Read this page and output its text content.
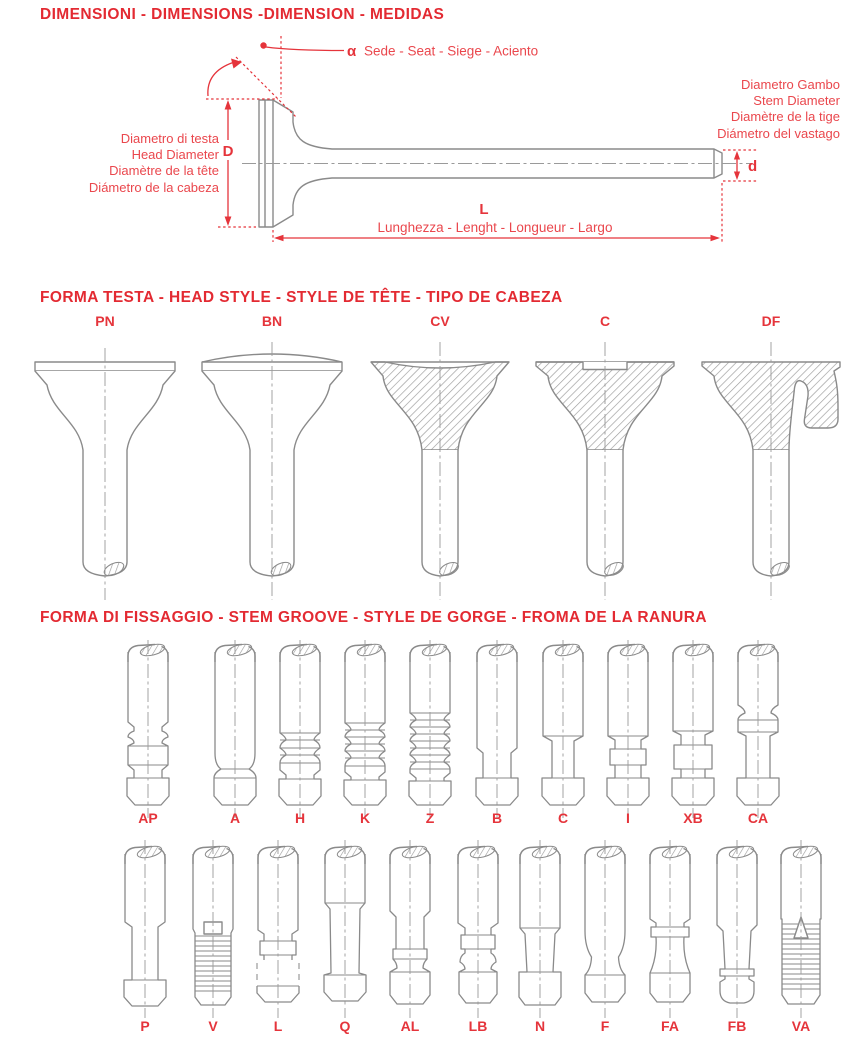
DIMENSIONI - DIMENSIONS -DIMENSION - MEDIDAS
α Sede - Seat - Siege - Aciento
D
d
L
Lunghezza - Lenght - Longueur - Largo
Diametro di testa
Head Diameter
Diamètre de la tête
Diámetro de la cabeza
Diametro Gambo
Stem Diameter
Diamètre de la tige
Diámetro del vastago
FORMA TESTA - HEAD STYLE - STYLE DE TÊTE - TIPO DE CABEZA
PN	BN	CV	C	DF
FORMA DI FISSAGGIO - STEM GROOVE - STYLE DE GORGE - FROMA DE LA RANURA
AP	A	H	K	Z	B	C	I	XB	CA
P	V	L	Q	AL	LB	N	F	FA	FB	VA
